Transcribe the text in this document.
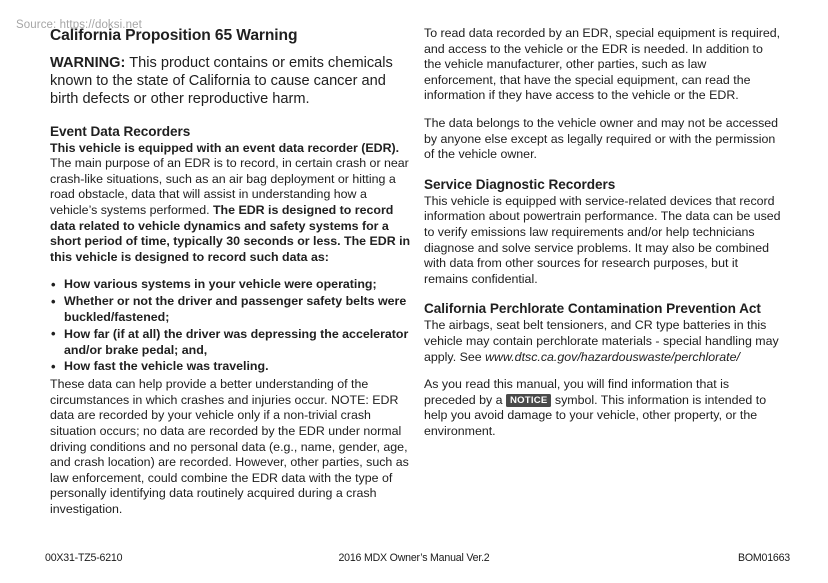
Source: https://doksi.net
California Proposition 65 Warning

WARNING: This product contains or emits chemicals known to the state of California to cause cancer and birth defects or other reproductive harm.

Event Data Recorders

This vehicle is equipped with an event data recorder (EDR). The main purpose of an EDR is to record, in certain crash or near crash-like situations, such as an air bag deployment or hitting a road obstacle, data that will assist in understanding how a vehicle’s systems performed. The EDR is designed to record data related to vehicle dynamics and safety systems for a short period of time, typically 30 seconds or less. The EDR in this vehicle is designed to record such data as:

• How various systems in your vehicle were operating;
• Whether or not the driver and passenger safety belts were buckled/fastened;
• How far (if at all) the driver was depressing the accelerator and/or brake pedal; and,
• How fast the vehicle was traveling.

These data can help provide a better understanding of the circumstances in which crashes and injuries occur. NOTE: EDR data are recorded by your vehicle only if a non-trivial crash situation occurs; no data are recorded by the EDR under normal driving conditions and no personal data (e.g., name, gender, age, and crash location) are recorded. However, other parties, such as law enforcement, could combine the EDR data with the type of personally identifying data routinely acquired during a crash investigation.

To read data recorded by an EDR, special equipment is required, and access to the vehicle or the EDR is needed. In addition to the vehicle manufacturer, other parties, such as law enforcement, that have the special equipment, can read the information if they have access to the vehicle or the EDR.

The data belongs to the vehicle owner and may not be accessed by anyone else except as legally required or with the permission of the vehicle owner.

Service Diagnostic Recorders

This vehicle is equipped with service-related devices that record information about powertrain performance. The data can be used to verify emissions law requirements and/or help technicians diagnose and solve service problems. It may also be combined with data from other sources for research purposes, but it remains confidential.

California Perchlorate Contamination Prevention Act

The airbags, seat belt tensioners, and CR type batteries in this vehicle may contain perchlorate materials - special handling may apply. See www.dtsc.ca.gov/hazardouswaste/perchlorate/

As you read this manual, you will find information that is preceded by a NOTICE symbol. This information is intended to help you avoid damage to your vehicle, other property, or the environment.

00X31-TZ5-6210	2016 MDX Owner’s Manual Ver.2	BOM01663
